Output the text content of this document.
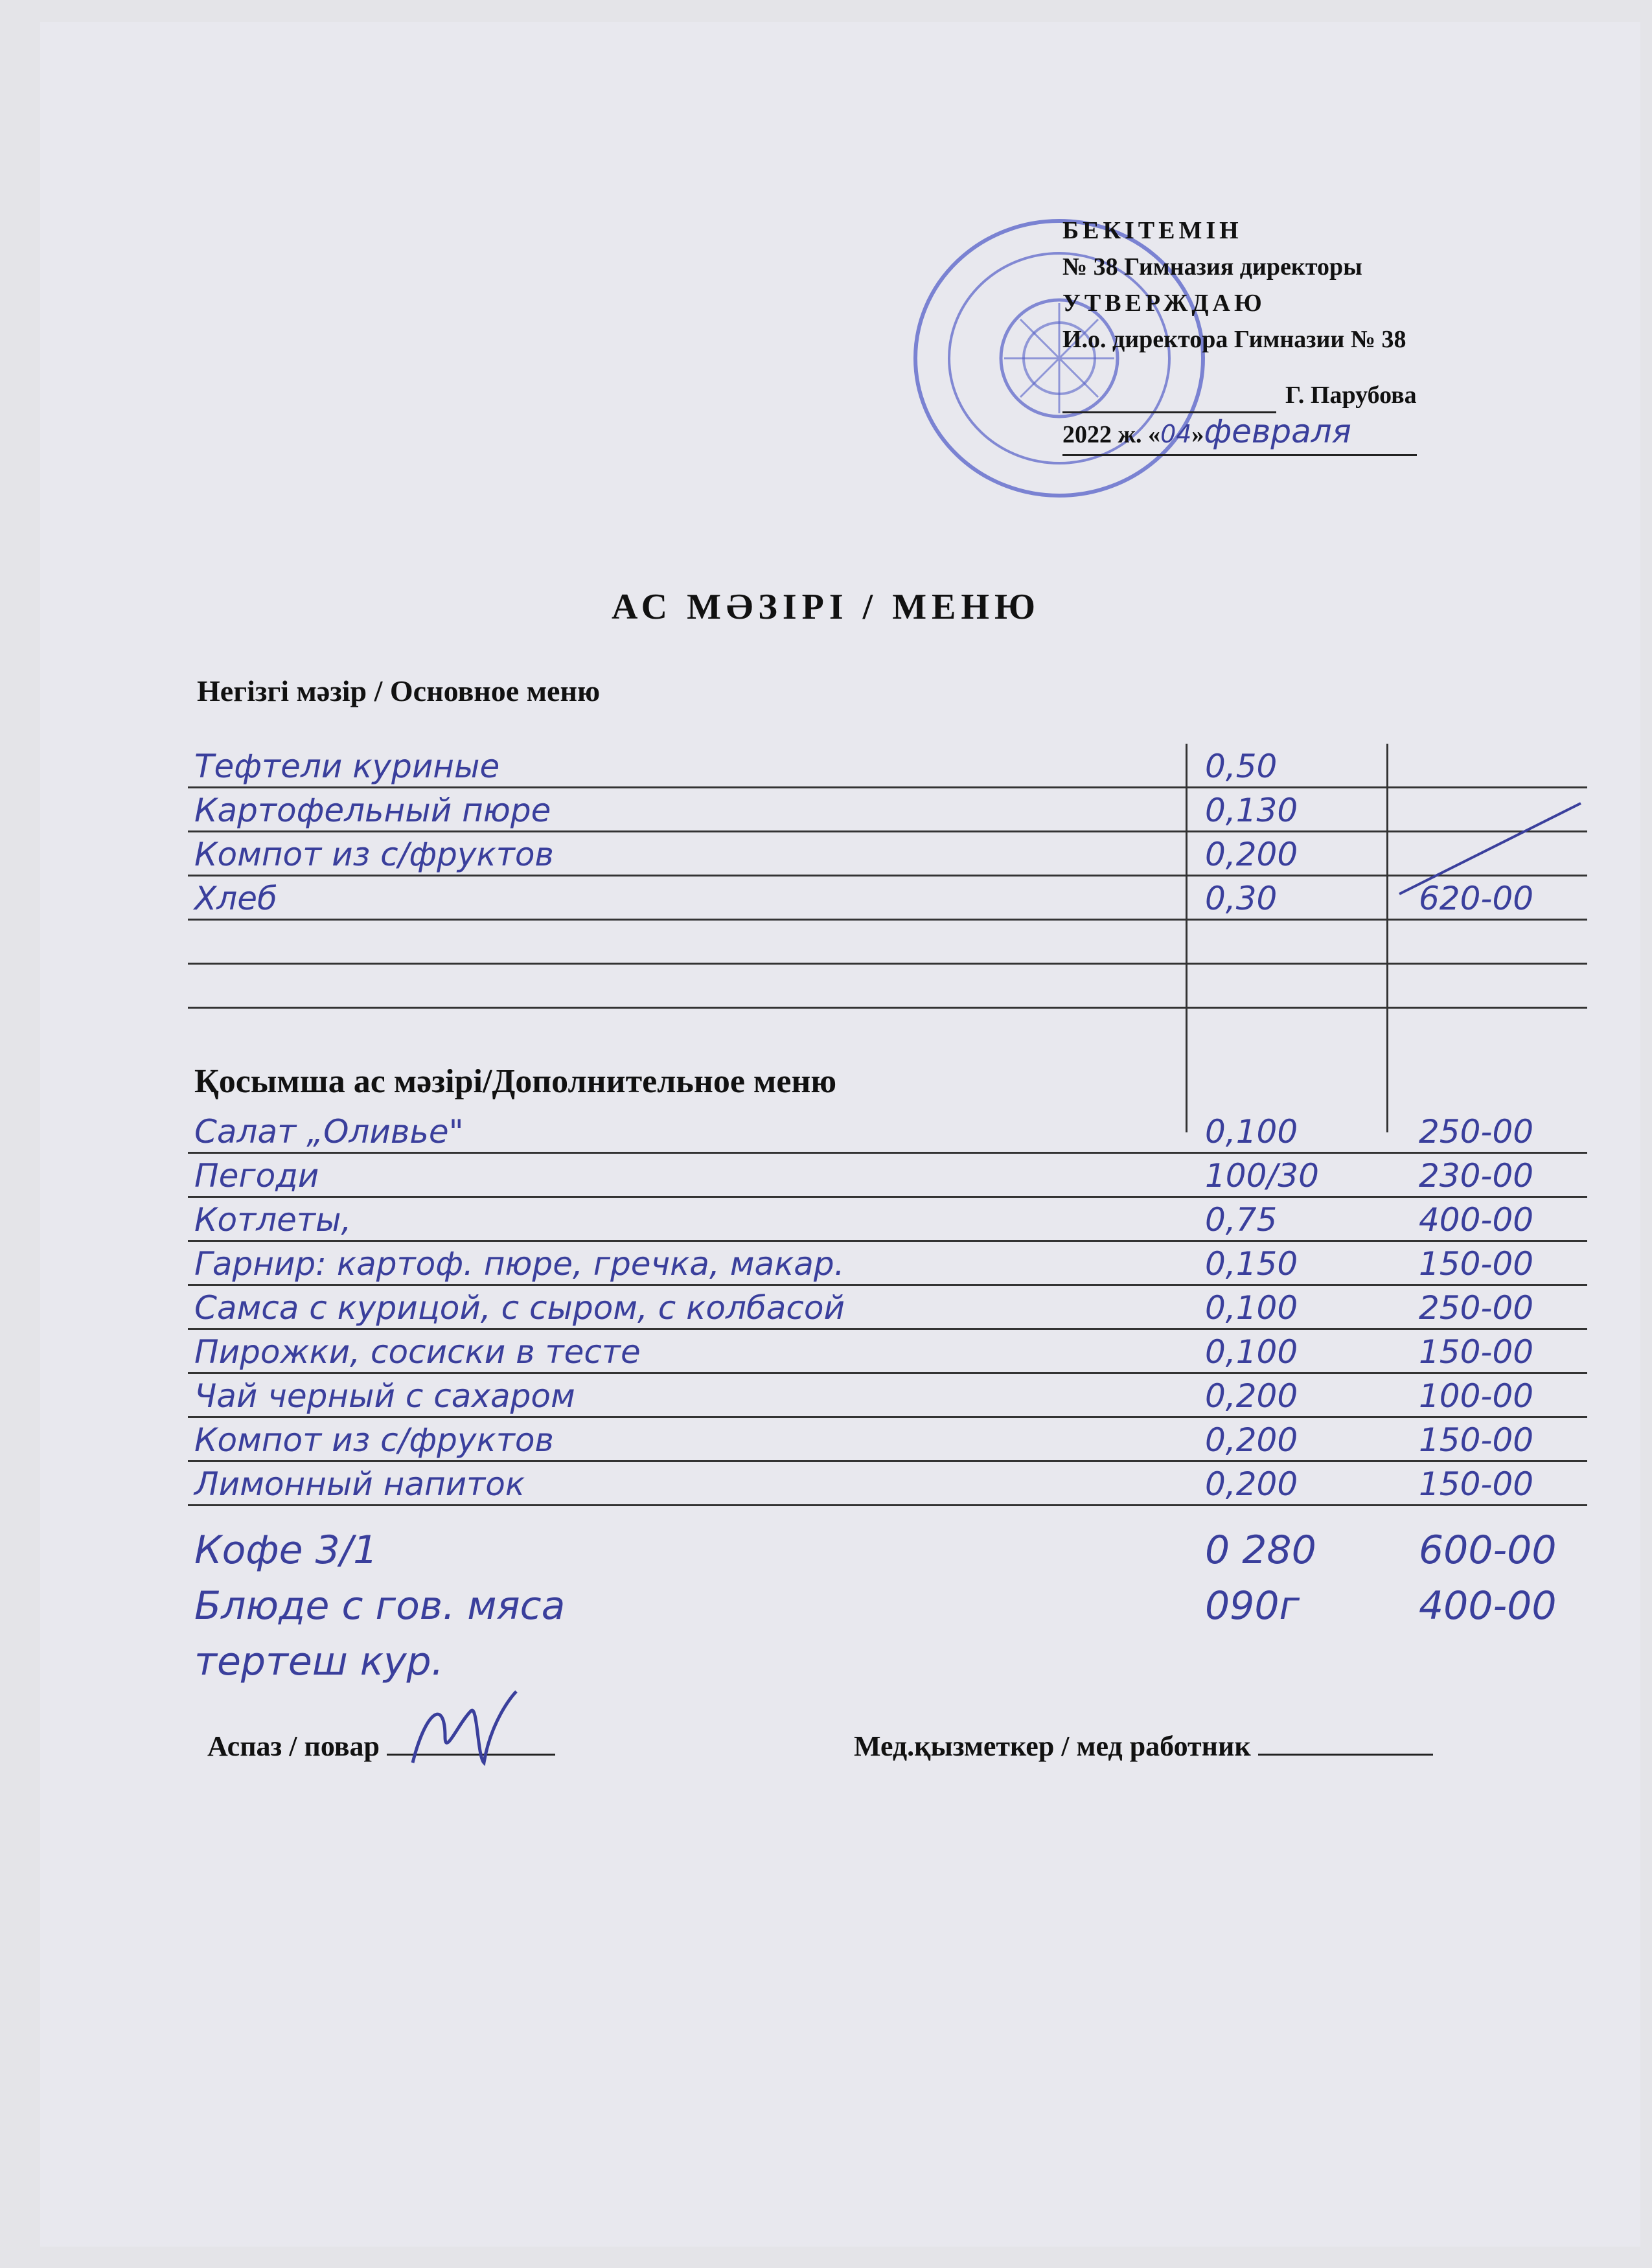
БЕКІТЕМІН
№ 38 Гимназия директоры
УТВЕРЖДАЮ
И.о. директора Гимназии № 38
Г. Парубова
2022 ж. «04»февраля
АС МӘЗІРІ / МЕНЮ
Негізгі мәзір / Основное меню
Тефтели куриные	0,50
Картофельный пюре	0,130
Компот из с/фруктов	0,200
Хлеб	0,30	620-00
Қосымша ас мәзірі/Дополнительное меню
Салат „Оливье"	0,100	250-00
Пегоди	100/30	230-00
Котлеты,	0,75	400-00
Гарнир: картоф. пюре, гречка, макар.	0,150	150-00
Самса с курицой, с сыром, с колбасой	0,100	250-00
Пирожки, сосиски в тесте	0,100	150-00
Чай черный с сахаром	0,200	100-00
Компот из с/фруктов	0,200	150-00
Лимонный напиток	0,200	150-00
Кофе 3/1	0 280	600-00
Блюде с гов. мяса	090г	400-00
тертеш кур.
Аспаз / повар	Мед.қызметкер / мед работник
